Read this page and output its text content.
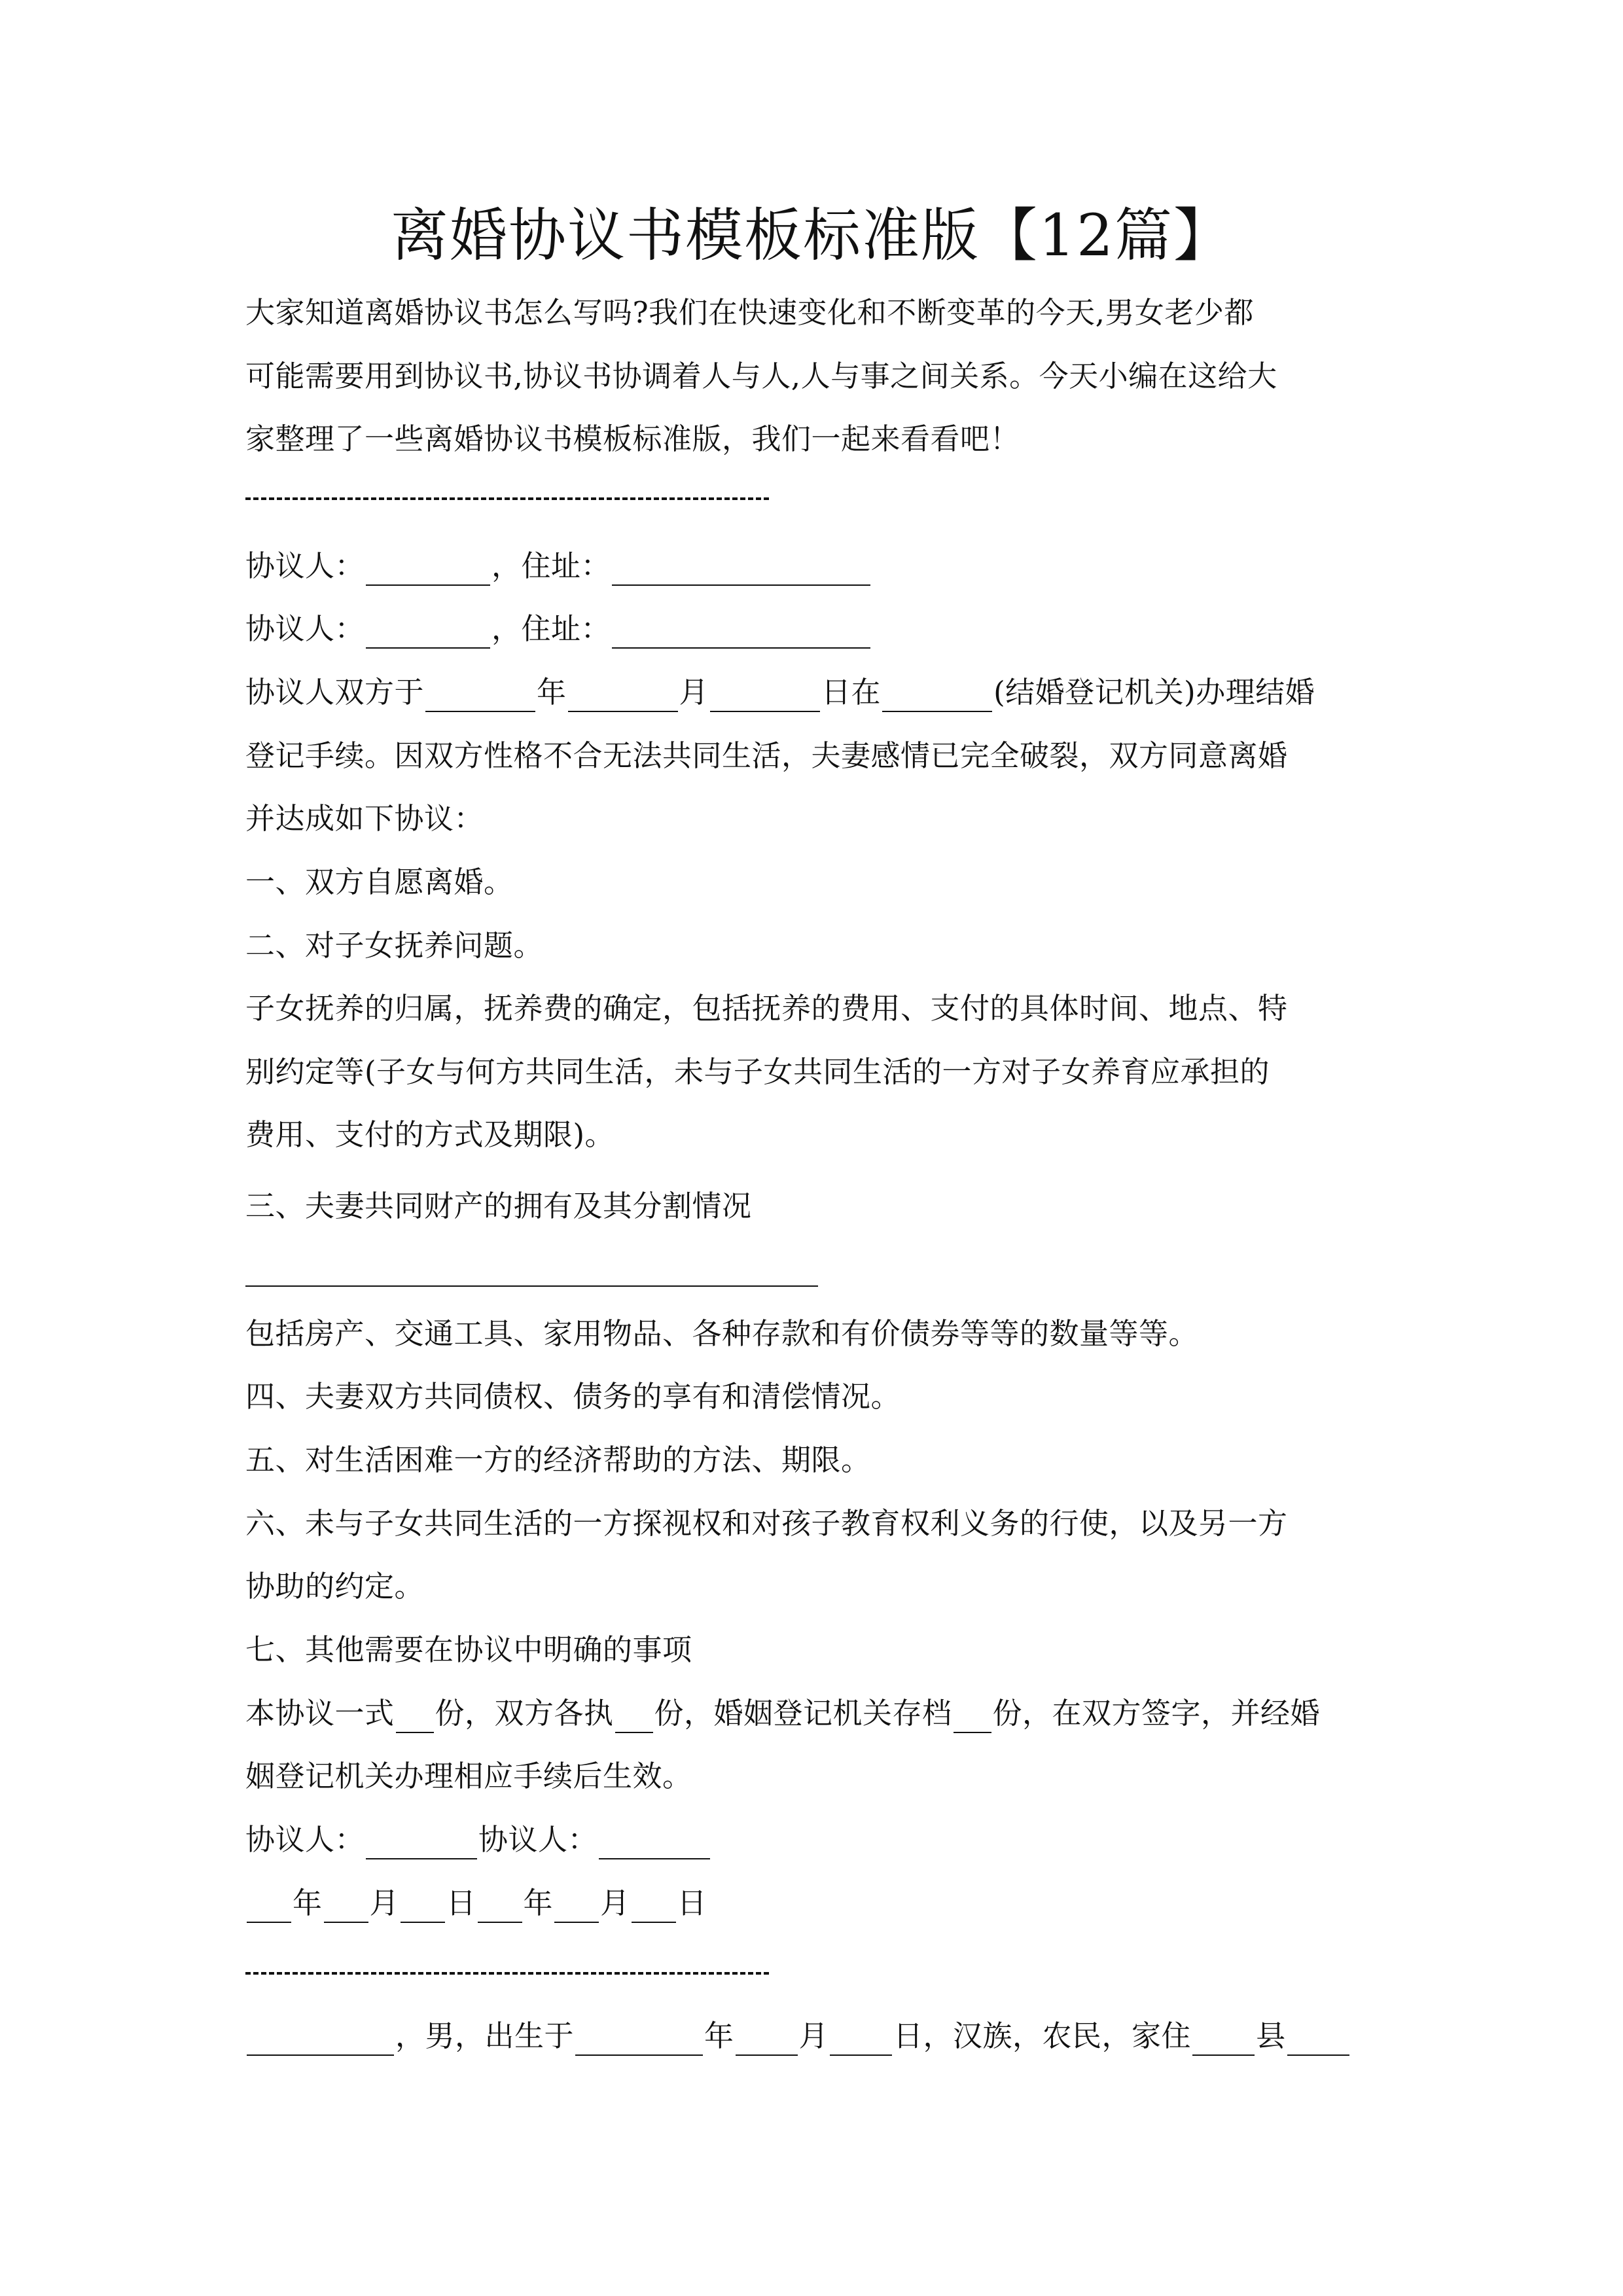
离婚协议书模板标准版【12篇】
大家知道离婚协议书怎么写吗?我们在快速变化和不断变革的今天,男女老少都
可能需要用到协议书,协议书协调着人与人,人与事之间关系。今天小编在这给大
家整理了一些离婚协议书模板标准版，我们一起来看看吧！
协议人：	，住址：
协议人：	，住址：
协议人双方于	年	月	日在	(结婚登记机关)办理结婚
登记手续。因双方性格不合无法共同生活，夫妻感情已完全破裂，双方同意离婚
并达成如下协议：
一、双方自愿离婚。
二、对子女抚养问题。
子女抚养的归属，抚养费的确定，包括抚养的费用、支付的具体时间、地点、特
别约定等(子女与何方共同生活，未与子女共同生活的一方对子女养育应承担的
费用、支付的方式及期限)。
三、夫妻共同财产的拥有及其分割情况
包括房产、交通工具、家用物品、各种存款和有价债券等等的数量等等。
四、夫妻双方共同债权、债务的享有和清偿情况。
五、对生活困难一方的经济帮助的方法、期限。
六、未与子女共同生活的一方探视权和对孩子教育权利义务的行使，以及另一方
协助的约定。
七、其他需要在协议中明确的事项
本协议一式 份，双方各执 份，婚姻登记机关存档 份，在双方签字，并经婚
姻登记机关办理相应手续后生效。
协议人：	协议人：
年 月 日 年 月 日
，男，出生于	年 月 日，汉族，农民，家住 县
